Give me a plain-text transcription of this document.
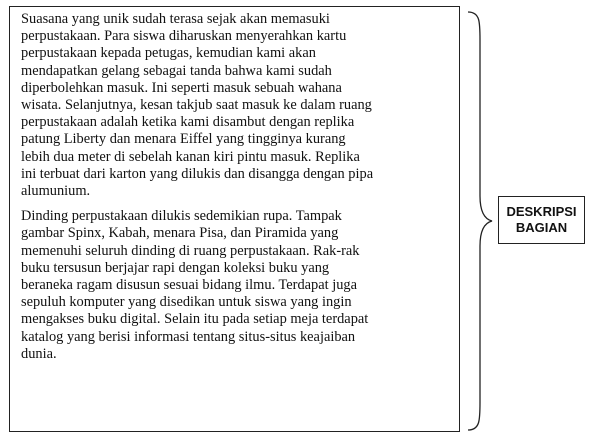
Suasana yang unik sudah terasa sejak akan memasuki
perpustakaan. Para siswa diharuskan menyerahkan kartu
perpustakaan kepada petugas, kemudian kami akan
mendapatkan gelang sebagai tanda bahwa kami sudah
diperbolehkan masuk. Ini seperti masuk sebuah wahana
wisata. Selanjutnya, kesan takjub saat masuk ke dalam ruang
perpustakaan adalah ketika kami disambut dengan replika
patung Liberty dan menara Eiffel yang tingginya kurang
lebih dua meter di sebelah kanan kiri pintu masuk. Replika
ini terbuat dari karton yang dilukis dan disangga dengan pipa
alumunium.
Dinding perpustakaan dilukis sedemikian rupa. Tampak
gambar Spinx, Kabah, menara Pisa, dan Piramida yang
memenuhi seluruh dinding di ruang perpustakaan. Rak-rak
buku tersusun berjajar rapi dengan koleksi buku yang
beraneka ragam disusun sesuai bidang ilmu. Terdapat juga
sepuluh komputer yang disedikan untuk siswa yang ingin
mengakses buku digital. Selain itu pada setiap meja terdapat
katalog yang berisi informasi tentang situs-situs keajaiban
dunia.
DESKRIPSI
BAGIAN
